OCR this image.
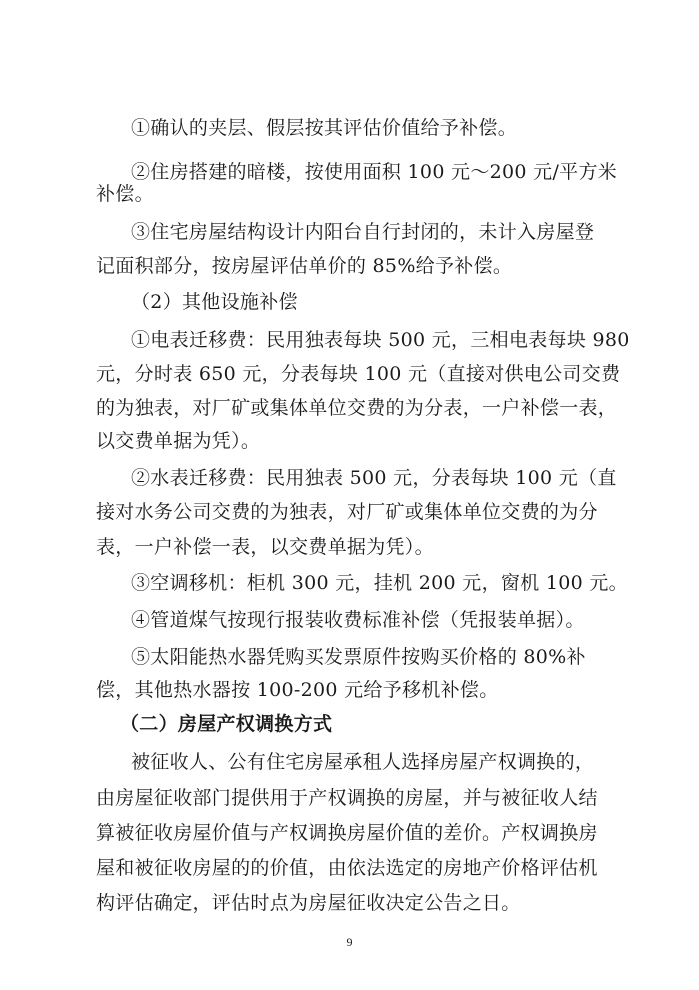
①确认的夹层、假层按其评估价值给予补偿。
②住房搭建的暗楼，按使用面积 100 元～200 元/平方米
补偿。
③住宅房屋结构设计内阳台自行封闭的，未计入房屋登
记面积部分，按房屋评估单价的 85%给予补偿。
（2）其他设施补偿
①电表迁移费：民用独表每块 500 元，三相电表每块 980
元，分时表 650 元，分表每块 100 元（直接对供电公司交费
的为独表，对厂矿或集体单位交费的为分表，一户补偿一表，
以交费单据为凭）。
②水表迁移费：民用独表 500 元，分表每块 100 元（直
接对水务公司交费的为独表，对厂矿或集体单位交费的为分
表，一户补偿一表，以交费单据为凭）。
③空调移机：柜机 300 元，挂机 200 元，窗机 100 元。
④管道煤气按现行报装收费标准补偿（凭报装单据）。
⑤太阳能热水器凭购买发票原件按购买价格的 80%补
偿，其他热水器按 100-200 元给予移机补偿。
（二）房屋产权调换方式
被征收人、公有住宅房屋承租人选择房屋产权调换的，
由房屋征收部门提供用于产权调换的房屋，并与被征收人结
算被征收房屋价值与产权调换房屋价值的差价。产权调换房
屋和被征收房屋的的价值，由依法选定的房地产价格评估机
构评估确定，评估时点为房屋征收决定公告之日。
9
